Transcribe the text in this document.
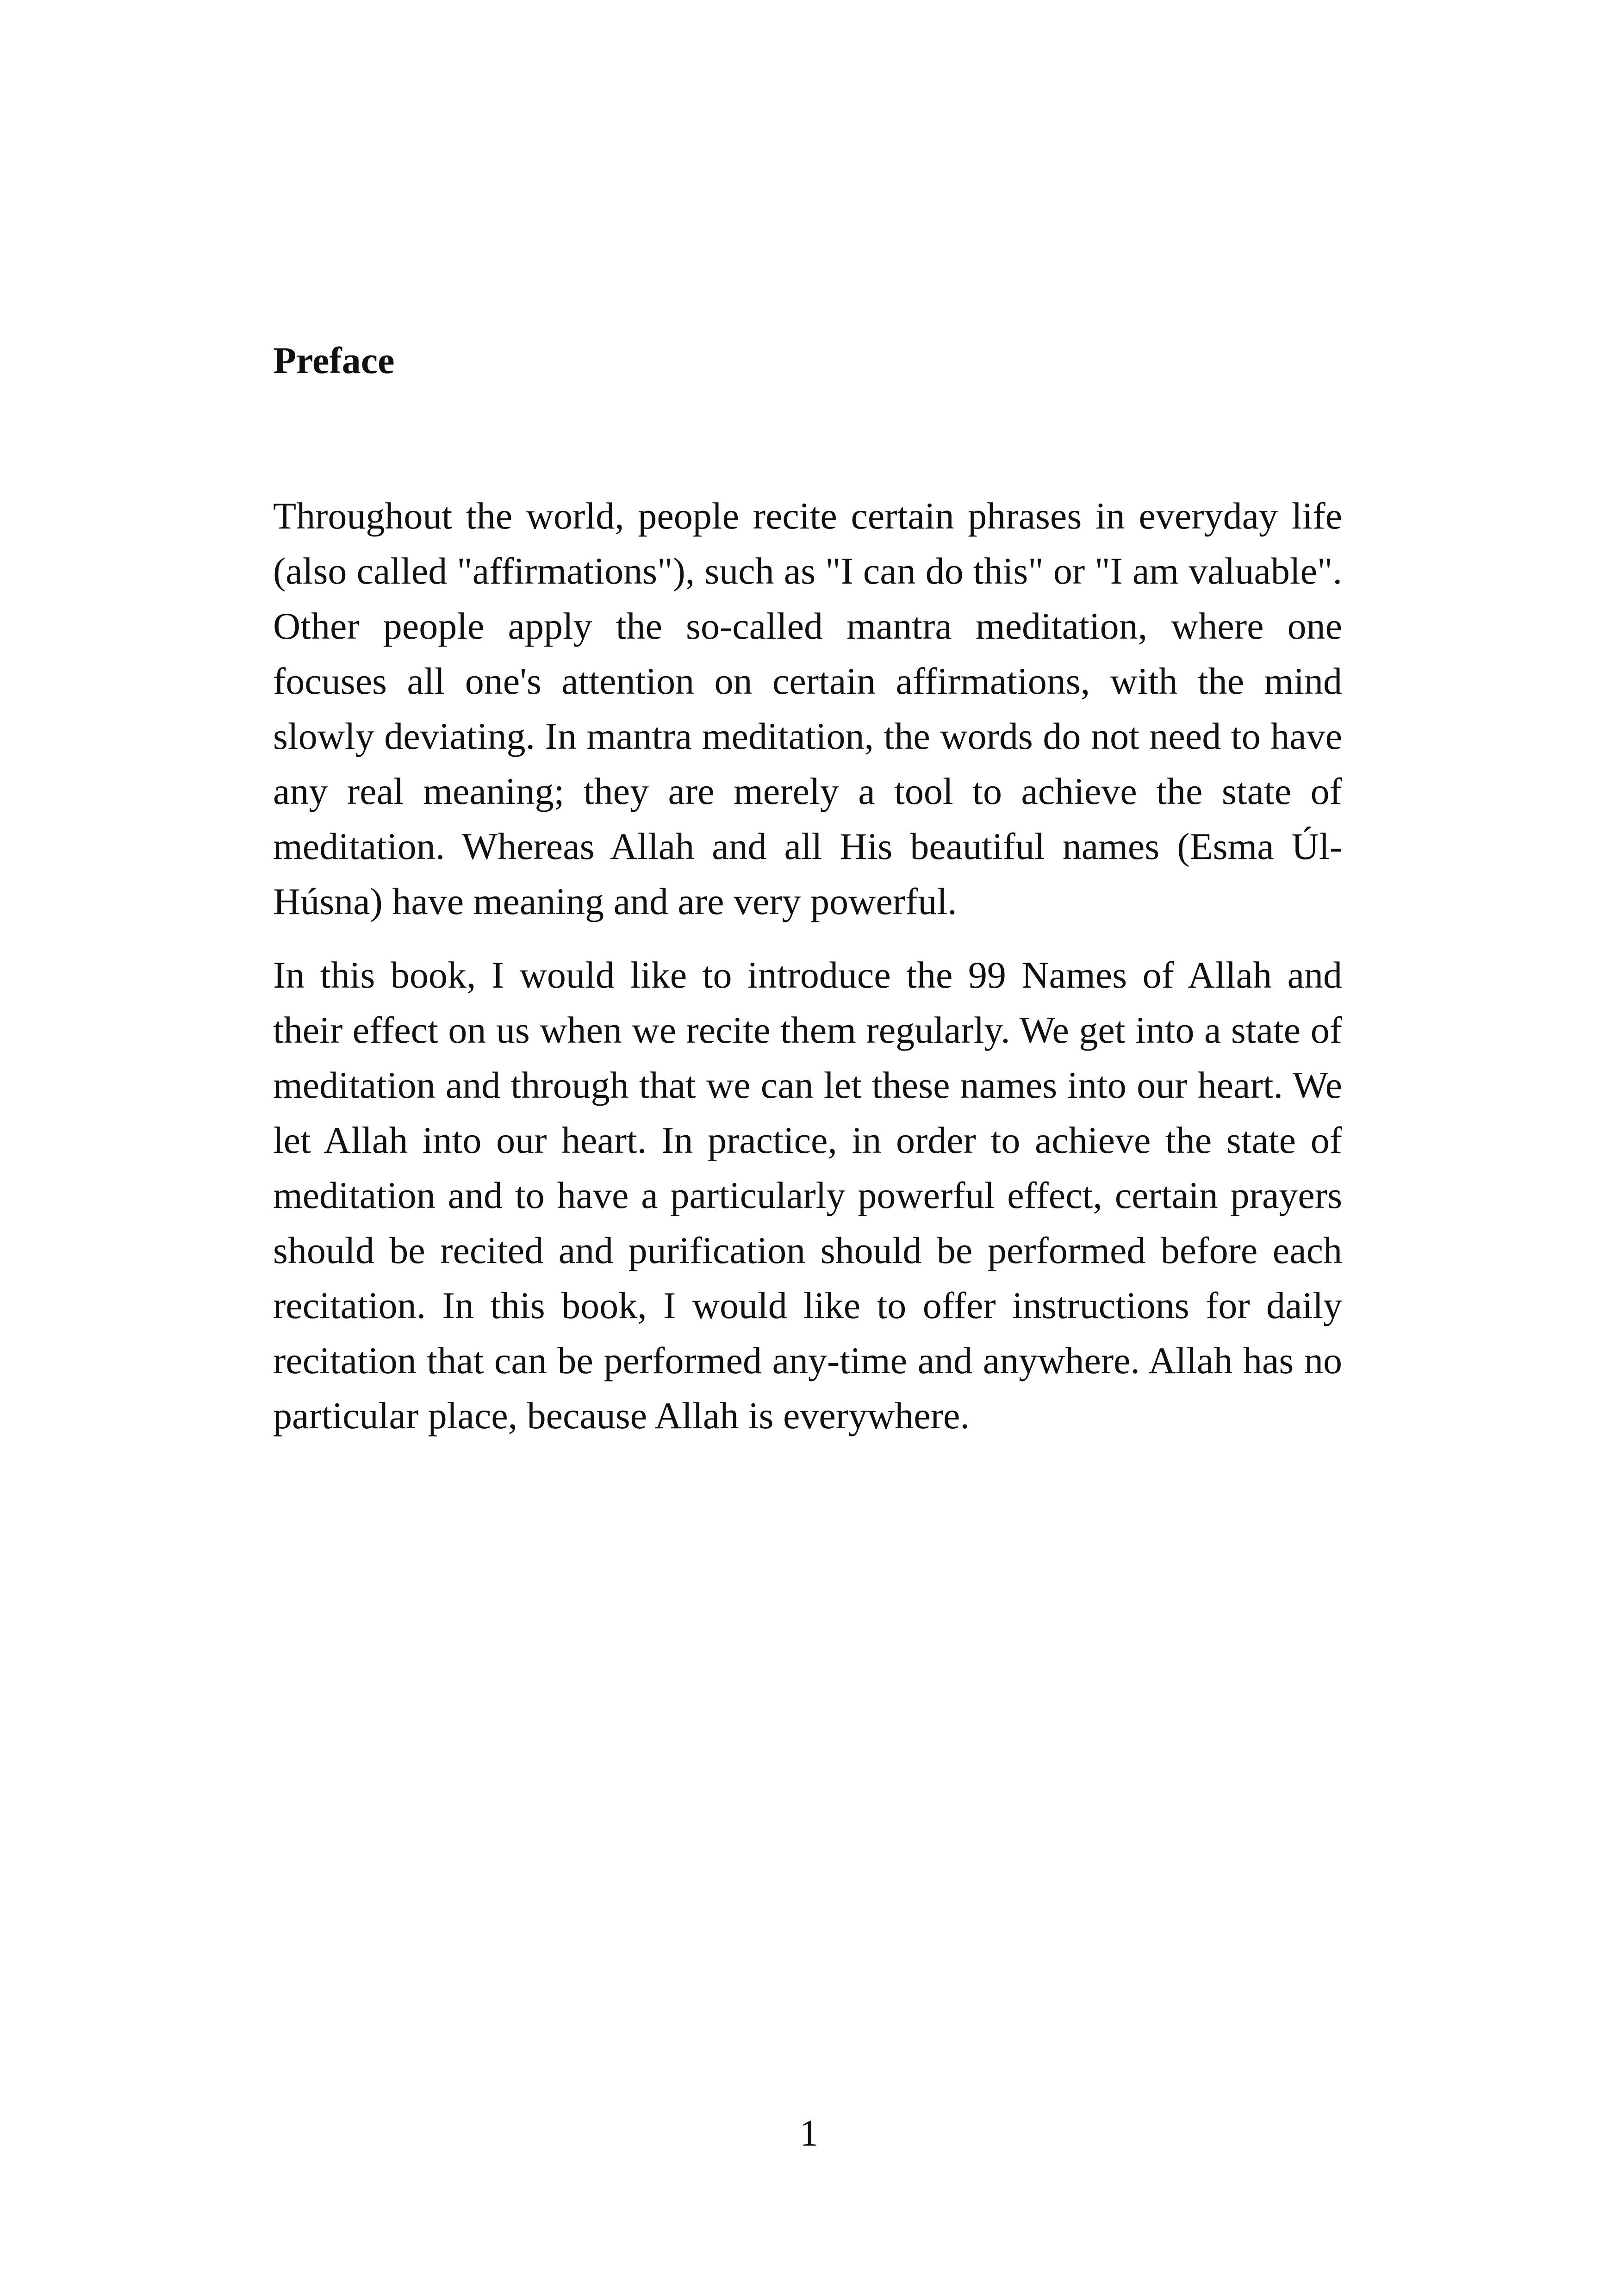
Preface

Throughout the world, people recite certain phrases in everyday life (also called "affirmations"), such as "I can do this" or "I am valuable". Other people apply the so-called mantra meditation, where one focuses all one's attention on certain affirmations, with the mind slowly deviating. In mantra meditation, the words do not need to have any real meaning; they are merely a tool to achieve the state of meditation. Whereas Allah and all His beautiful names (Esma Úl-Húsna) have meaning and are very powerful.

In this book, I would like to introduce the 99 Names of Allah and their effect on us when we recite them regularly. We get into a state of meditation and through that we can let these names into our heart. We let Allah into our heart. In practice, in order to achieve the state of meditation and to have a particularly powerful effect, certain prayers should be recited and purification should be performed before each recitation. In this book, I would like to offer instructions for daily recitation that can be performed any-time and anywhere. Allah has no particular place, because Allah is everywhere.

1
